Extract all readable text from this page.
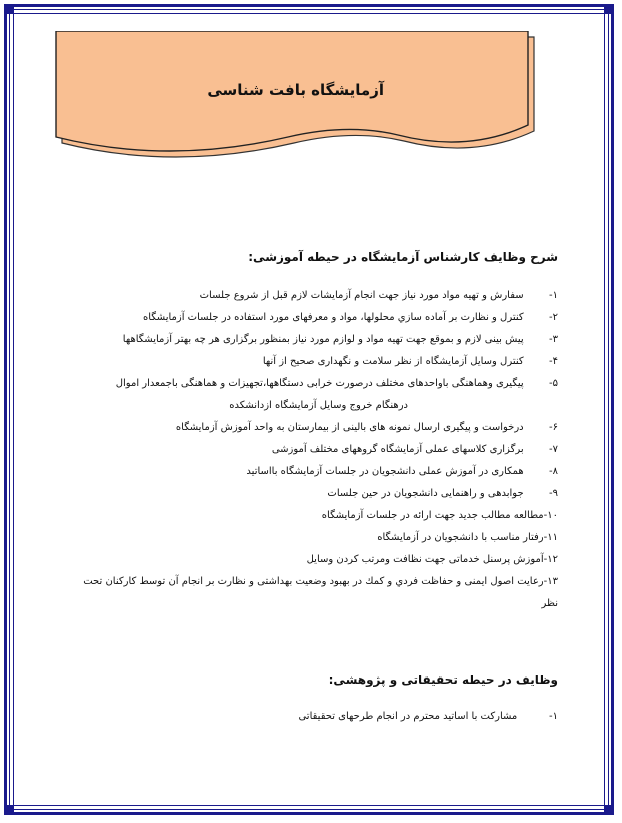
آزمایشگاه بافت شناسی
شرح وظایف کارشناس آزمایشگاه در حیطه آموزشی:
١-  سفارش و تهیه مواد مورد نیاز جهت انجام آزمایشات لازم قبل از شروع جلسات
٢-  کنترل و نظارت بر آماده سازي محلولها، مواد و معرفهای مورد استفاده در جلسات آزمایشگاه
٣-  پیش بینی لازم و بموقع جهت تهیه مواد و لوازم مورد نیاز بمنظور برگزاری هر چه بهتر آزمایشگاهها
۴-  کنترل وسایل آزمایشگاه از نظر سلامت و نگهداری صحیح از آنها
۵-  پیگیری وهماهنگی باواحدهای مختلف درصورت خرابی دستگاهها،تجهیزات و هماهنگی باجمعدار اموال
درهنگام خروج وسایل آزمایشگاه ازدانشکده
۶-  درخواست و پیگیری ارسال نمونه های بالینی از بیمارستان به واحد آموزش آزمایشگاه
٧-  برگزاری کلاسهای عملی آزمایشگاه گروههای مختلف آموزشی
٨-  همکاری در آموزش عملی دانشجویان در جلسات آزمایشگاه بااساتید
٩-  جوابدهی و راهنمایی دانشجویان در حین جلسات
١٠-مطالعه مطالب جدید جهت ارائه در جلسات آزمایشگاه
١١-رفتار مناسب با دانشجویان در آزمایشگاه
١٢-آموزش پرسنل خدماتی جهت نظافت ومرتب کردن وسایل
١٣-رعایت اصول ایمنی و حفاظت فردي و کمك در بهبود وضعیت بهداشتی و نظارت بر انجام آن توسط کارکنان تحت
نظر
وظایف در حیطه تحقیقاتی و پژوهشی:
١-    مشارکت با اساتید محترم در انجام طرحهای تحقیقاتی
